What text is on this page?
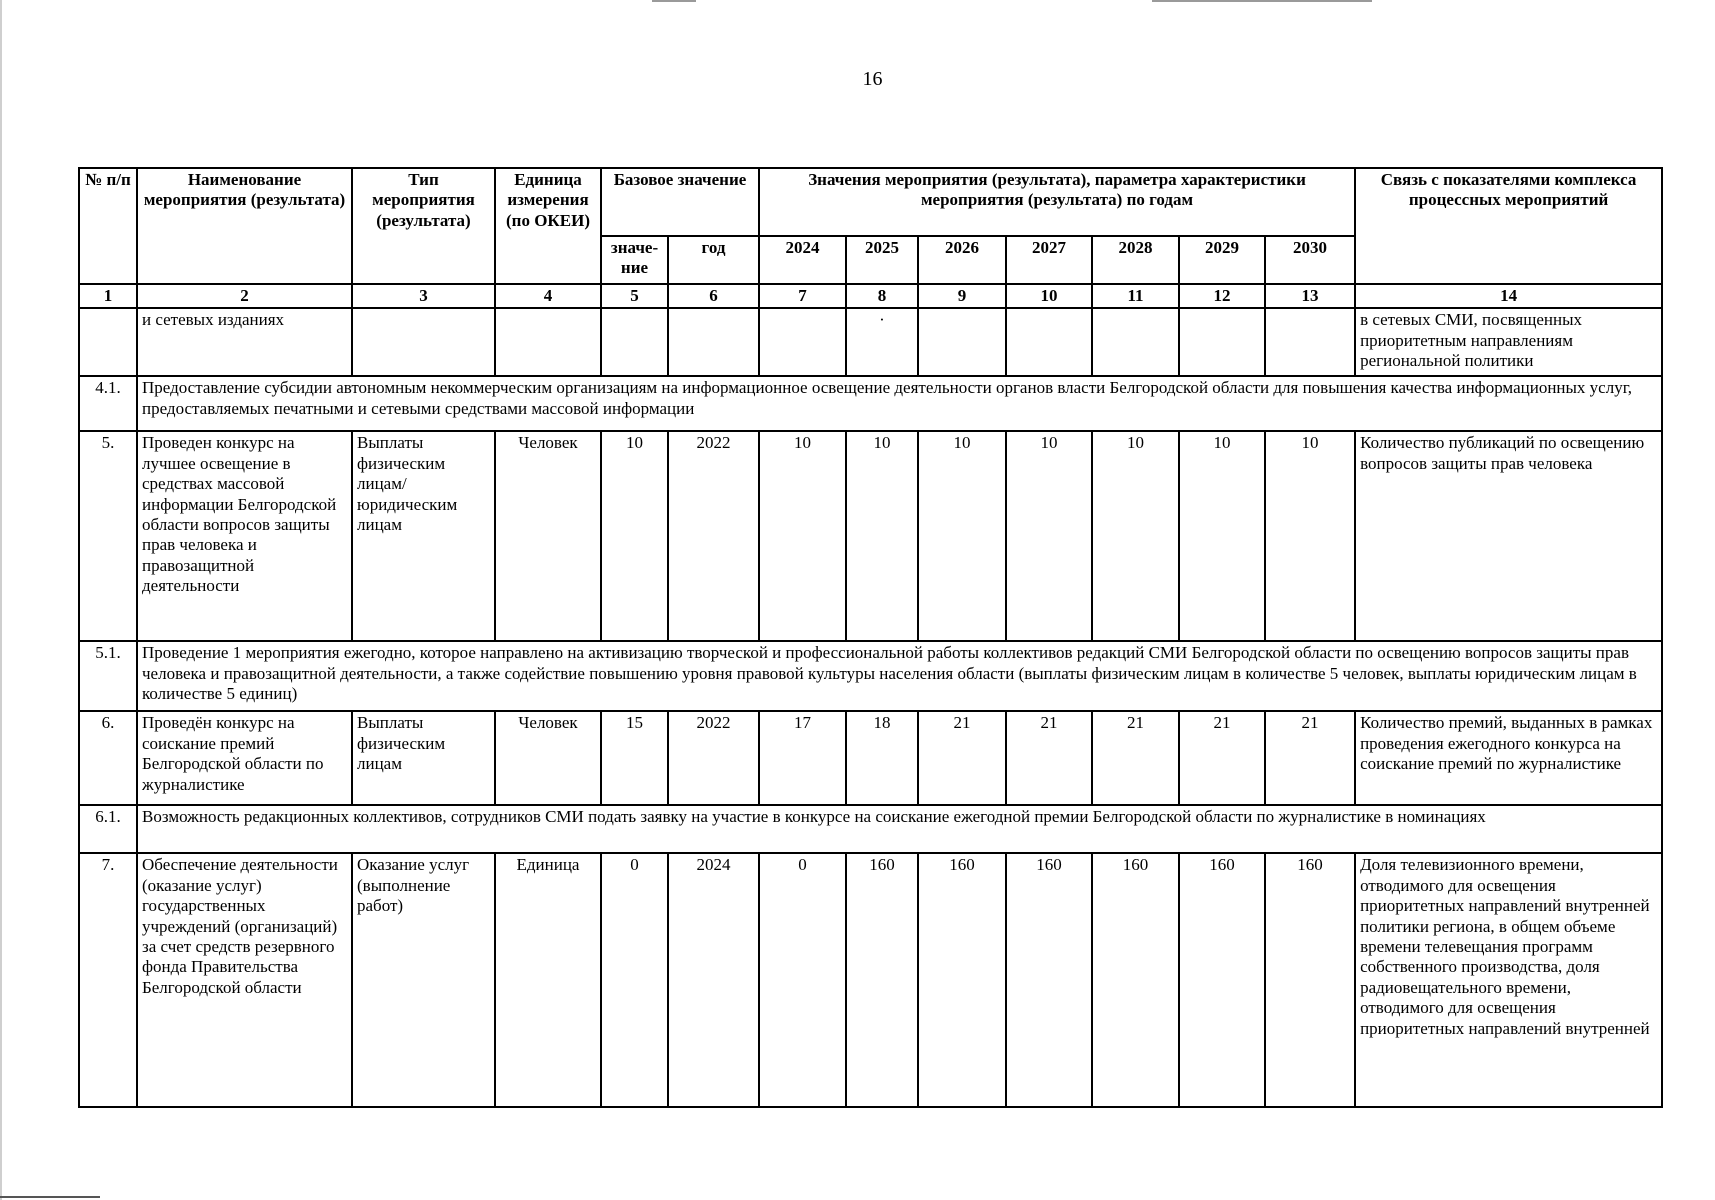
16
№ п/п	Наименование мероприятия (результата)	Тип мероприятия (результата)	Единица измерения (по ОКЕИ)	Базовое значение		Значения мероприятия (результата), параметра характеристики мероприятия (результата) по годам							Связь с показателями комплекса процессных мероприятий
				значе-ние	год	2024	2025	2026	2027	2028	2029	2030	
1	2	3	4	5	6	7	8	9	10	11	12	13	14
	и сетевых изданиях						·						в сетевых СМИ, посвященных приоритетным направлениям региональной политики
4.1.	Предоставление субсидии автономным некоммерческим организациям на информационное освещение деятельности органов власти Белгородской области для повышения качества информационных услуг, предоставляемых печатными и сетевыми средствами массовой информации												
5.	Проведен конкурс на лучшее освещение в средствах массовой информации Белгородской области вопросов защиты прав человека и правозащитной деятельности	Выплаты физическим лицам/ юридическим лицам	Человек	10	2022	10	10	10	10	10	10	10	Количество публикаций по освещению вопросов защиты прав человека
5.1.	Проведение 1 мероприятия ежегодно, которое направлено на активизацию творческой и профессиональной работы коллективов редакций СМИ Белгородской области по освещению вопросов защиты прав человека и правозащитной деятельности, а также содействие повышению уровня правовой культуры населения области (выплаты физическим лицам в количестве 5 человек, выплаты юридическим лицам в количестве 5 единиц)												
6.	Проведён конкурс на соискание премий Белгородской области по журналистике	Выплаты физическим лицам	Человек	15	2022	17	18	21	21	21	21	21	Количество премий, выданных в рамках проведения ежегодного конкурса на соискание премий по журналистике
6.1.	Возможность редакционных коллективов, сотрудников СМИ подать заявку на участие в конкурсе на соискание ежегодной премии Белгородской области по журналистике в номинациях												
7.	Обеспечение деятельности (оказание услуг) государственных учреждений (организаций) за счет средств резервного фонда Правительства Белгородской области	Оказание услуг (выполнение работ)	Единица	0	2024	0	160	160	160	160	160	160	Доля телевизионного времени, отводимого для освещения приоритетных направлений внутренней политики региона, в общем объеме времени телевещания программ собственного производства, доля радиовещательного времени, отводимого для освещения приоритетных направлений внутренней
